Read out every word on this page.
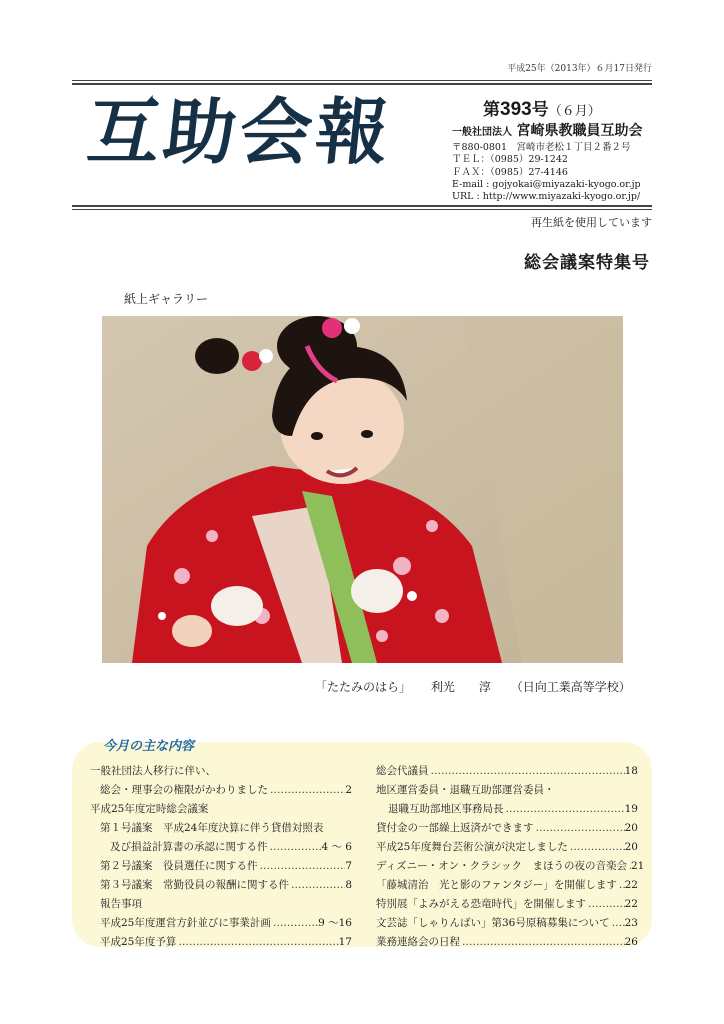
平成25年（2013年）６月17日発行
互助会報	第393号（６月）
一般社団法人 宮崎県教職員互助会
〒880-0801　宮崎市老松１丁目２番２号
ＴＥＬ：（0985）29-1242
ＦＡＸ：（0985）27-4146
E-mail : gojyokai@miyazaki-kyogo.or.jp
URL : http://www.miyazaki-kyogo.or.jp/
再生紙を使用しています
総会議案特集号
紙上ギャラリー
「たたみのはら」 利光　　淳 （日向工業高等学校）
今月の主な内容
一般社団法人移行に伴い、
総会・理事会の権限がかわりました …………………………………………………………………………………………………………………………	2
平成25年度定時総会議案
第１号議案　平成24年度決算に伴う貸借対照表
及び損益計算書の承認に関する件 …………………………………………………………………………………………………………………………	4 ～ 6
第２号議案　役員選任に関する件 …………………………………………………………………………………………………………………………	7
第３号議案　常勤役員の報酬に関する件 …………………………………………………………………………………………………………………………	8
報告事項
平成25年度運営方針並びに事業計画 …………………………………………………………………………………………………………………………	9 ～16
平成25年度予算 …………………………………………………………………………………………………………………………	17
総会代議員 …………………………………………………………………………………………………………………………	18
地区運営委員・退職互助部運営委員・
退職互助部地区事務局長 …………………………………………………………………………………………………………………………	19
貸付金の一部繰上返済ができます …………………………………………………………………………………………………………………………	20
平成25年度舞台芸術公演が決定しました …………………………………………………………………………………………………………………………	20
ディズニー・オン・クラシック　まほうの夜の音楽会 ………………………………………………………………………………………………………………………… 21
「藤城清治　光と影のファンタジー」を開催します ………………………………………………………………………………………………………………………… 22
特別展「よみがえる恐竜時代」を開催します …………………………………………………………………………………………………………………………	22
文芸誌「しゃりんばい」第36号原稿募集について ………………………………………………………………………………………………………………………… 23
業務連絡会の日程 …………………………………………………………………………………………………………………………	26
